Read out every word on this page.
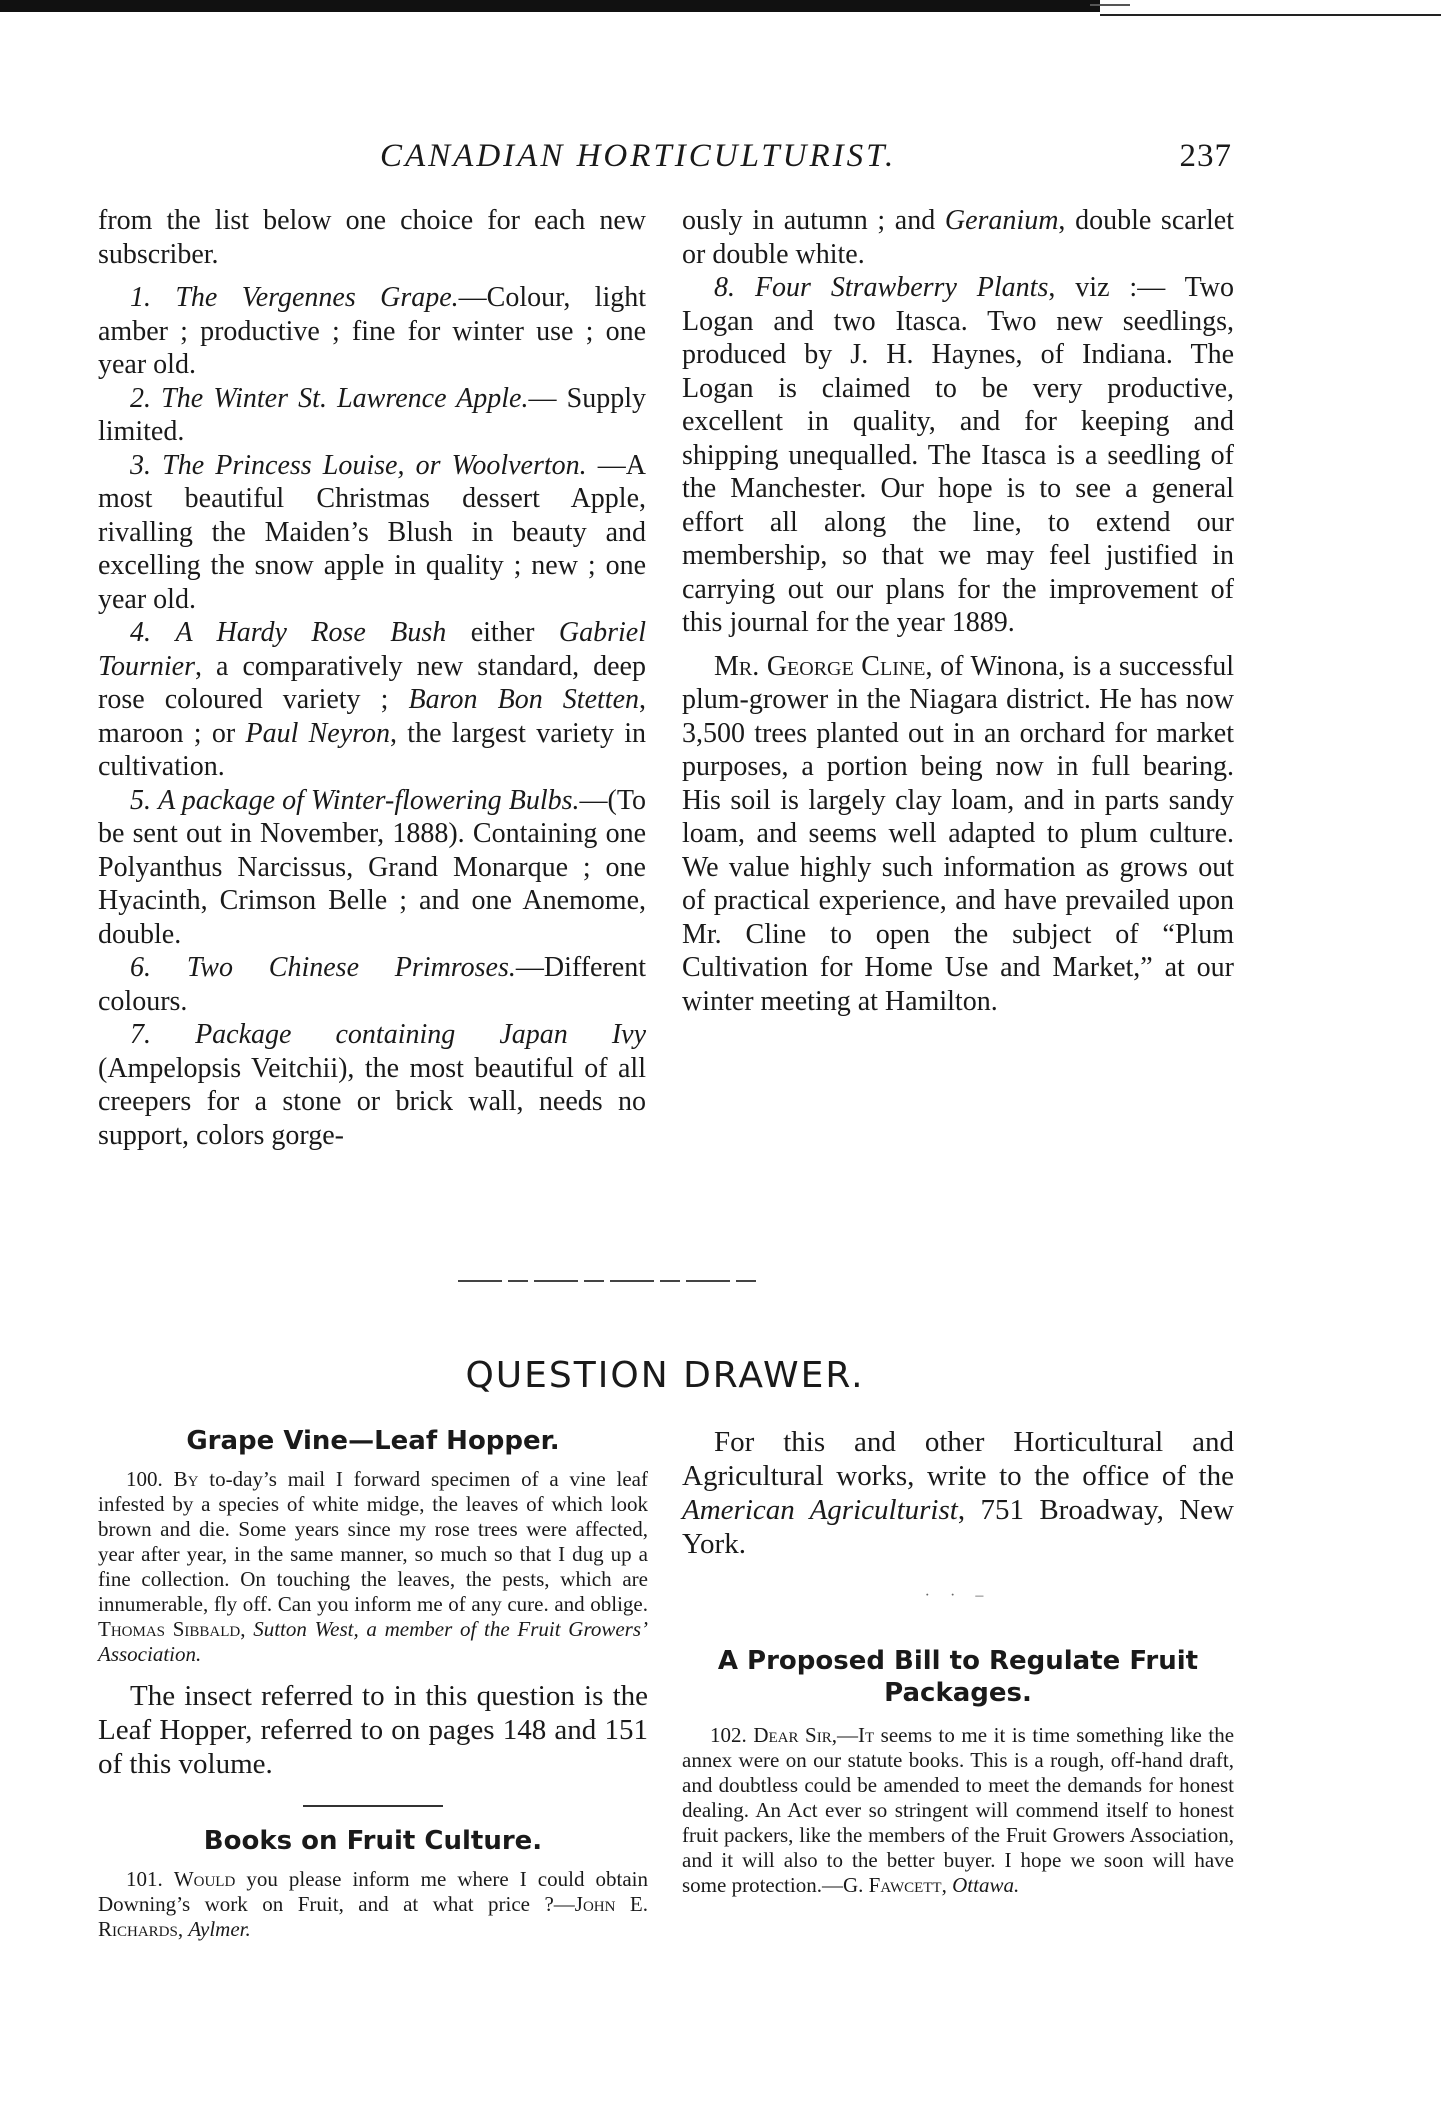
CANADIAN HORTICULTURIST.	237

from the list below one choice for each new subscriber.

1. The Vergennes Grape.—Colour, light amber ; productive ; fine for winter use ; one year old.

2. The Winter St. Lawrence Apple.— Supply limited.

3. The Princess Louise, or Woolverton. —A most beautiful Christmas dessert Apple, rivalling the Maiden’s Blush in beauty and excelling the snow apple in quality ; new ; one year old.

4. A Hardy Rose Bush either Gabriel Tournier, a comparatively new standard, deep rose coloured variety ; Baron Bon Stetten, maroon ; or Paul Neyron, the largest variety in cultivation.

5. A package of Winter-flowering Bulbs.—(To be sent out in November, 1888). Containing one Polyanthus Narcissus, Grand Monarque ; one Hyacinth, Crimson Belle ; and one Anemome, double.

6. Two Chinese Primroses.—Different colours.

7. Package containing Japan Ivy (Ampelopsis Veitchii), the most beautiful of all creepers for a stone or brick wall, needs no support, colors gorge-

ously in autumn ; and Geranium, double scarlet or double white.

8. Four Strawberry Plants, viz :— Two Logan and two Itasca. Two new seedlings, produced by J. H. Haynes, of Indiana. The Logan is claimed to be very productive, excellent in quality, and for keeping and shipping unequalled. The Itasca is a seedling of the Manchester. Our hope is to see a general effort all along the line, to extend our membership, so that we may feel justified in carrying out our plans for the improvement of this journal for the year 1889.

Mr. George Cline, of Winona, is a successful plum-grower in the Niagara district. He has now 3,500 trees planted out in an orchard for market purposes, a portion being now in full bearing. His soil is largely clay loam, and in parts sandy loam, and seems well adapted to plum culture. We value highly such information as grows out of practical experience, and have prevailed upon Mr. Cline to open the subject of “Plum Cultivation for Home Use and Market,” at our winter meeting at Hamilton.

QUESTION DRAWER.
Grape Vine—Leaf Hopper.

100. By to-day’s mail I forward specimen of a vine leaf infested by a species of white midge, the leaves of which look brown and die. Some years since my rose trees were affected, year after year, in the same manner, so much so that I dug up a fine collection. On touching the leaves, the pests, which are innumerable, fly off. Can you inform me of any cure. and oblige. Thomas Sibbald, Sutton West, a member of the Fruit Growers’ Association.

The insect referred to in this question is the Leaf Hopper, referred to on pages 148 and 151 of this volume.

Books on Fruit Culture.

101. Would you please inform me where I could obtain Downing’s work on Fruit, and at what price ?—John E. Richards, Aylmer.

For this and other Horticultural and Agricultural works, write to the office of the American Agriculturist, 751 Broadway, New York.

· · –
A Proposed Bill to Regulate Fruit Packages.

102. Dear Sir,—It seems to me it is time something like the annex were on our statute books. This is a rough, off-hand draft, and doubtless could be amended to meet the demands for honest dealing. An Act ever so stringent will commend itself to honest fruit packers, like the members of the Fruit Growers Association, and it will also to the better buyer. I hope we soon will have some protection.—G. Fawcett, Ottawa.
